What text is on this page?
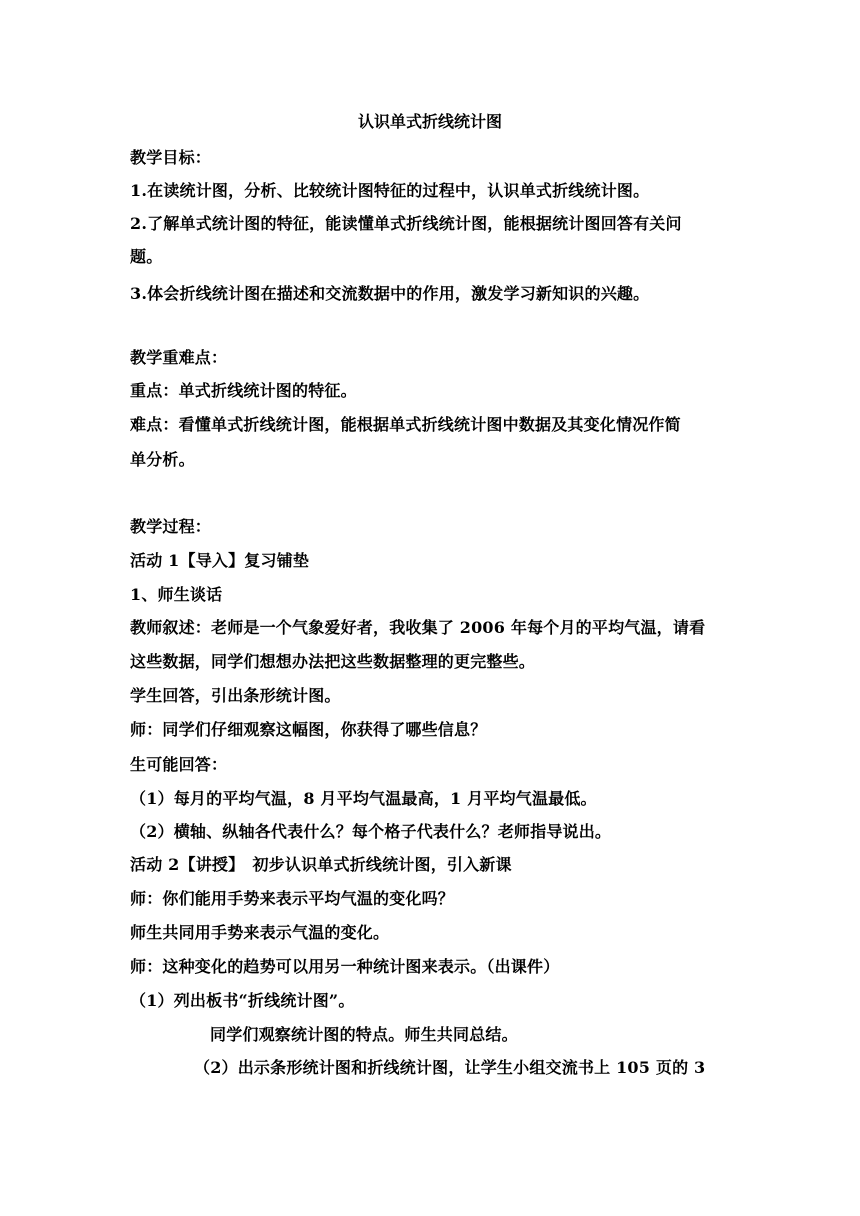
认识单式折线统计图
教学目标：
1.在读统计图，分析、比较统计图特征的过程中，认识单式折线统计图。
2.了解单式统计图的特征，能读懂单式折线统计图，能根据统计图回答有关问
题。
3.体会折线统计图在描述和交流数据中的作用，激发学习新知识的兴趣。
教学重难点：
重点：单式折线统计图的特征。
难点：看懂单式折线统计图，能根据单式折线统计图中数据及其变化情况作简
单分析。
教学过程：
活动 1【导入】复习铺垫
1、师生谈话
教师叙述：老师是一个气象爱好者，我收集了 2006 年每个月的平均气温，请看
这些数据，同学们想想办法把这些数据整理的更完整些。
学生回答，引出条形统计图。
师：同学们仔细观察这幅图，你获得了哪些信息？
生可能回答：
（1）每月的平均气温，8 月平均气温最高，1 月平均气温最低。
（2）横轴、纵轴各代表什么？每个格子代表什么？老师指导说出。
活动 2【讲授】　初步认识单式折线统计图，引入新课
师：你们能用手势来表示平均气温的变化吗？
师生共同用手势来表示气温的变化。
师：这种变化的趋势可以用另一种统计图来表示。（出课件）
（1）列出板书“折线统计图”。
同学们观察统计图的特点。师生共同总结。
（2）出示条形统计图和折线统计图，让学生小组交流书上 105 页的 3
